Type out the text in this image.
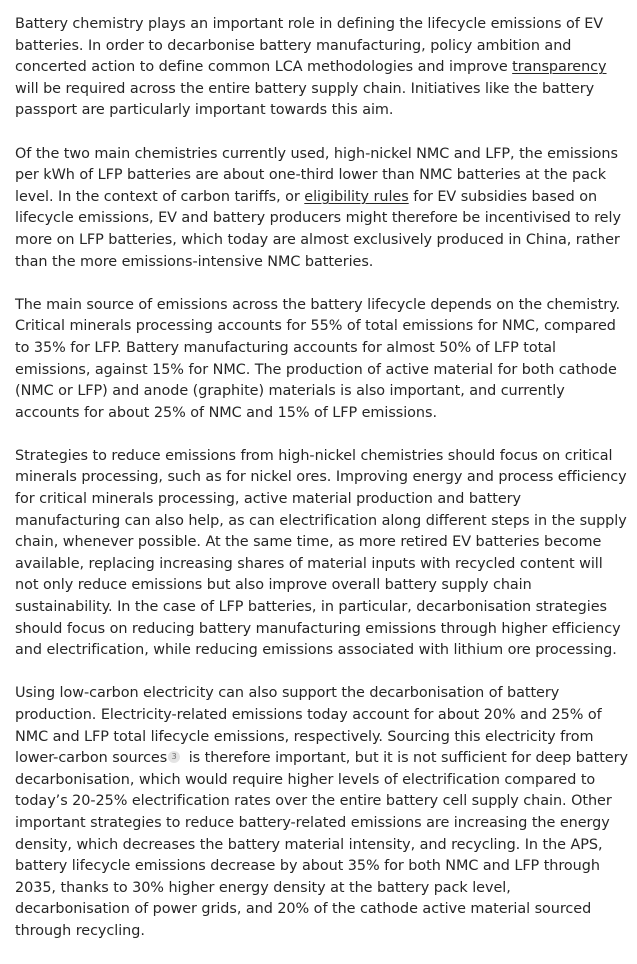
Battery chemistry plays an important role in defining the lifecycle emissions of EV batteries. In order to decarbonise battery manufacturing, policy ambition and concerted action to define common LCA methodologies and improve transparency will be required across the entire battery supply chain. Initiatives like the battery passport are particularly important towards this aim.

Of the two main chemistries currently used, high-nickel NMC and LFP, the emissions per kWh of LFP batteries are about one-third lower than NMC batteries at the pack level. In the context of carbon tariffs, or eligibility rules for EV subsidies based on lifecycle emissions, EV and battery producers might therefore be incentivised to rely more on LFP batteries, which today are almost exclusively produced in China, rather than the more emissions-intensive NMC batteries.

The main source of emissions across the battery lifecycle depends on the chemistry. Critical minerals processing accounts for 55% of total emissions for NMC, compared to 35% for LFP. Battery manufacturing accounts for almost 50% of LFP total emissions, against 15% for NMC. The production of active material for both cathode (NMC or LFP) and anode (graphite) materials is also important, and currently accounts for about 25% of NMC and 15% of LFP emissions.

Strategies to reduce emissions from high-nickel chemistries should focus on critical minerals processing, such as for nickel ores. Improving energy and process efficiency for critical minerals processing, active material production and battery manufacturing can also help, as can electrification along different steps in the supply chain, whenever possible. At the same time, as more retired EV batteries become available, replacing increasing shares of material inputs with recycled content will not only reduce emissions but also improve overall battery supply chain sustainability. In the case of LFP batteries, in particular, decarbonisation strategies should focus on reducing battery manufacturing emissions through higher efficiency and electrification, while reducing emissions associated with lithium ore processing.

Using low-carbon electricity can also support the decarbonisation of battery production. Electricity-related emissions today account for about 20% and 25% of NMC and LFP total lifecycle emissions, respectively. Sourcing this electricity from lower-carbon sources 3 is therefore important, but it is not sufficient for deep battery decarbonisation, which would require higher levels of electrification compared to today’s 20-25% electrification rates over the entire battery cell supply chain. Other important strategies to reduce battery-related emissions are increasing the energy density, which decreases the battery material intensity, and recycling. In the APS, battery lifecycle emissions decrease by about 35% for both NMC and LFP through 2035, thanks to 30% higher energy density at the battery pack level, decarbonisation of power grids, and 20% of the cathode active material sourced through recycling.
